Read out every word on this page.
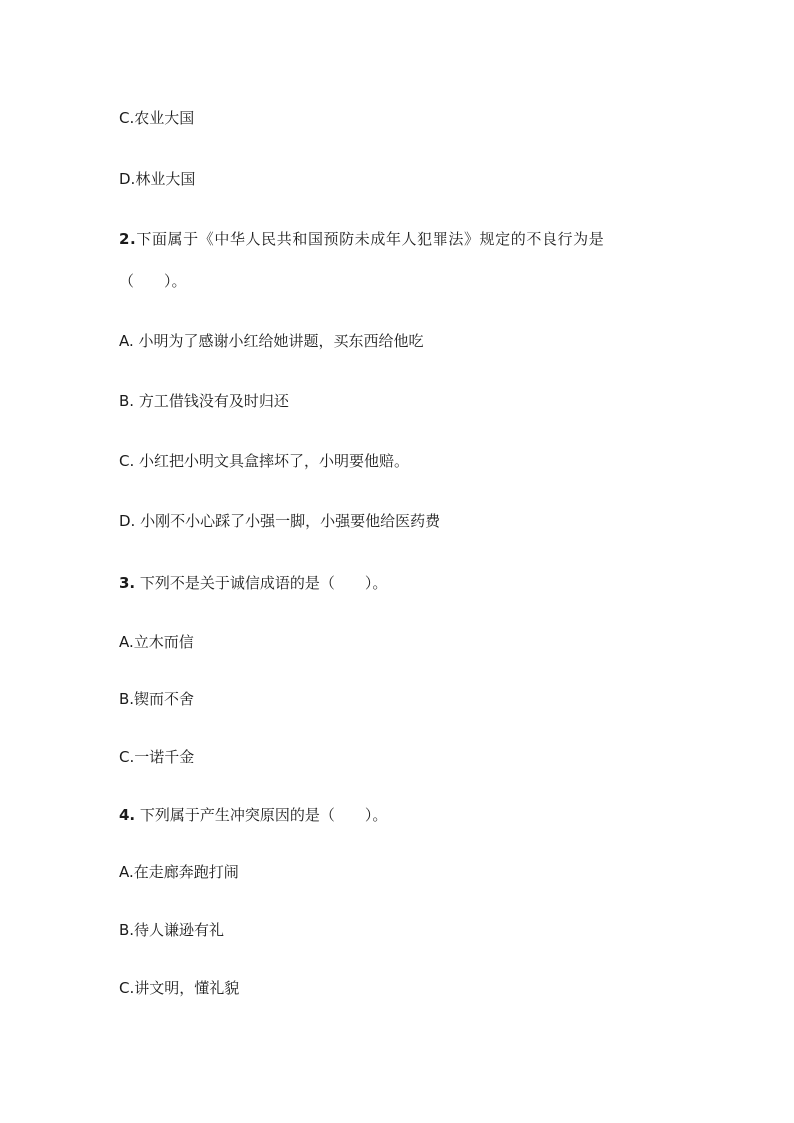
C.农业大国
D.林业大国
2.下面属于《中华人民共和国预防未成年人犯罪法》规定的不良行为是
（　　）。
A. 小明为了感谢小红给她讲题，买东西给他吃
B. 方工借钱没有及时归还
C. 小红把小明文具盒摔坏了，小明要他赔。
D. 小刚不小心踩了小强一脚，小强要他给医药费
3. 下列不是关于诚信成语的是（　　）。
A.立木而信
B.锲而不舍
C.一诺千金
4. 下列属于产生冲突原因的是（　　）。
A.在走廊奔跑打闹
B.待人谦逊有礼
C.讲文明，懂礼貌
